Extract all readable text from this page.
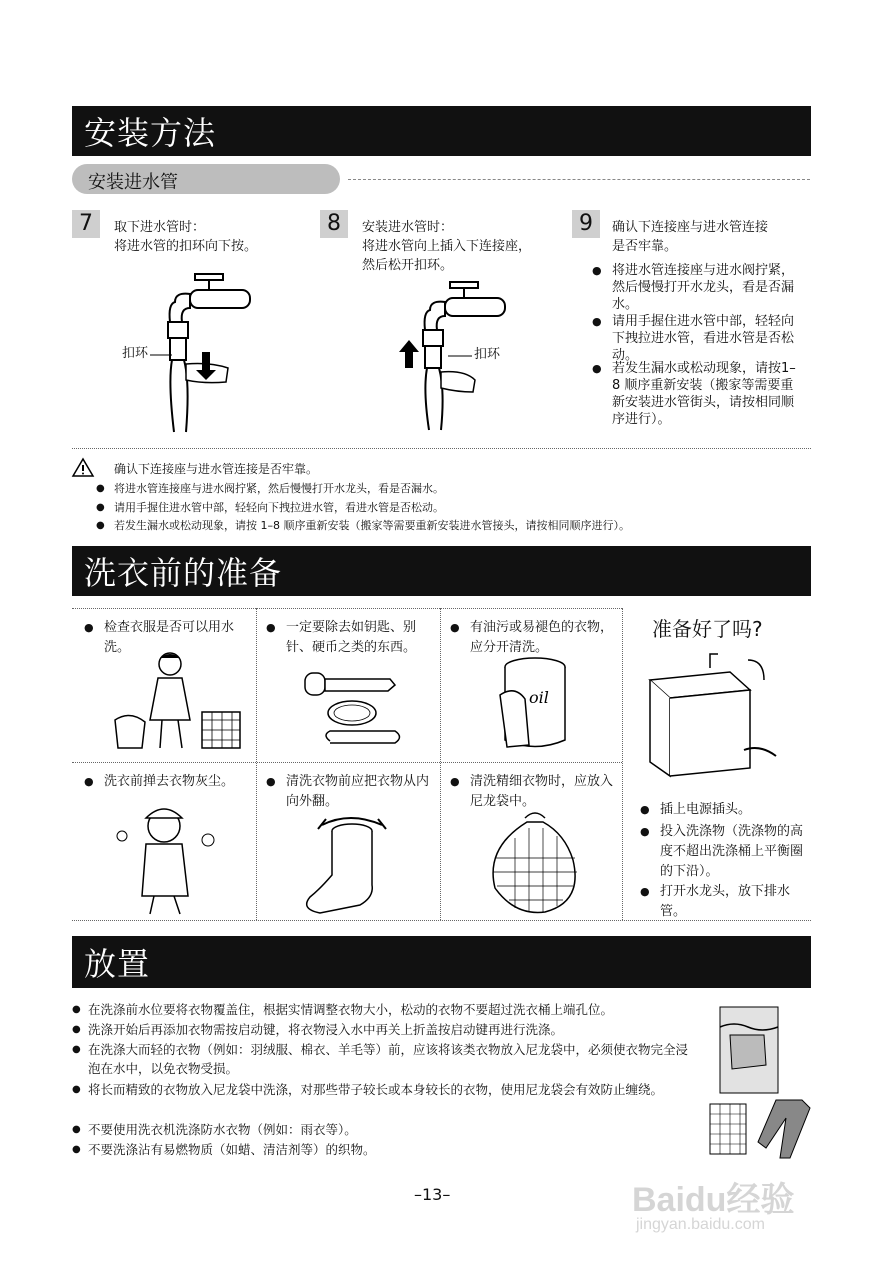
安装方法
安装进水管
7	取下进水管时：
将进水管的扣环向下按。
扣环
8	安装进水管时：
将进水管向上插入下连接座，
然后松开扣环。
扣环
9	确认下连接座与进水管连接
是否牢靠。
● 将进水管连接座与进水阀拧紧，然后慢慢打开水龙头，看是否漏水。
● 请用手握住进水管中部，轻轻向下拽拉进水管，看进水管是否松动。
● 若发生漏水或松动现象，请按1–8 顺序重新安装（搬家等需要重新安装进水管街头，请按相同顺序进行）。
确认下连接座与进水管连接是否牢靠。
● 将进水管连接座与进水阀拧紧，然后慢慢打开水龙头，看是否漏水。
● 请用手握住进水管中部，轻轻向下拽拉进水管，看进水管是否松动。
● 若发生漏水或松动现象，请按 1–8 顺序重新安装（搬家等需要重新安装进水管接头，请按相同顺序进行）。
洗衣前的准备
● 检查衣服是否可以用水洗。
● 一定要除去如钥匙、别针、硬币之类的东西。
● 有油污或易褪色的衣物，应分开清洗。
● 洗衣前掸去衣物灰尘。
●	清洗衣物前应把衣物从内向外翻。
● 清洗精细衣物时，应放入尼龙袋中。
oil
准备好了吗?
● 插上电源插头。
● 投入洗涤物（洗涤物的高度不超出洗涤桶上平衡圈的下沿）。
● 打开水龙头，放下排水管。
放置
● 在洗涤前水位要将衣物覆盖住，根据实情调整衣物大小，松动的衣物不要超过洗衣桶上端孔位。
● 洗涤开始后再添加衣物需按启动键，将衣物浸入水中再关上折盖按启动键再进行洗涤。
● 在洗涤大而轻的衣物（例如：羽绒服、棉衣、羊毛等）前，应该将该类衣物放入尼龙袋中，必须使衣物完全浸泡在水中，以免衣物受损。
● 将长而精致的衣物放入尼龙袋中洗涤，对那些带子较长或本身较长的衣物，使用尼龙袋会有效防止缠绕。
● 不要使用洗衣机洗涤防水衣物（例如：雨衣等）。
● 不要洗涤沾有易燃物质（如蜡、清洁剂等）的织物。
–13–	Baidu经验
jingyan.baidu.com
